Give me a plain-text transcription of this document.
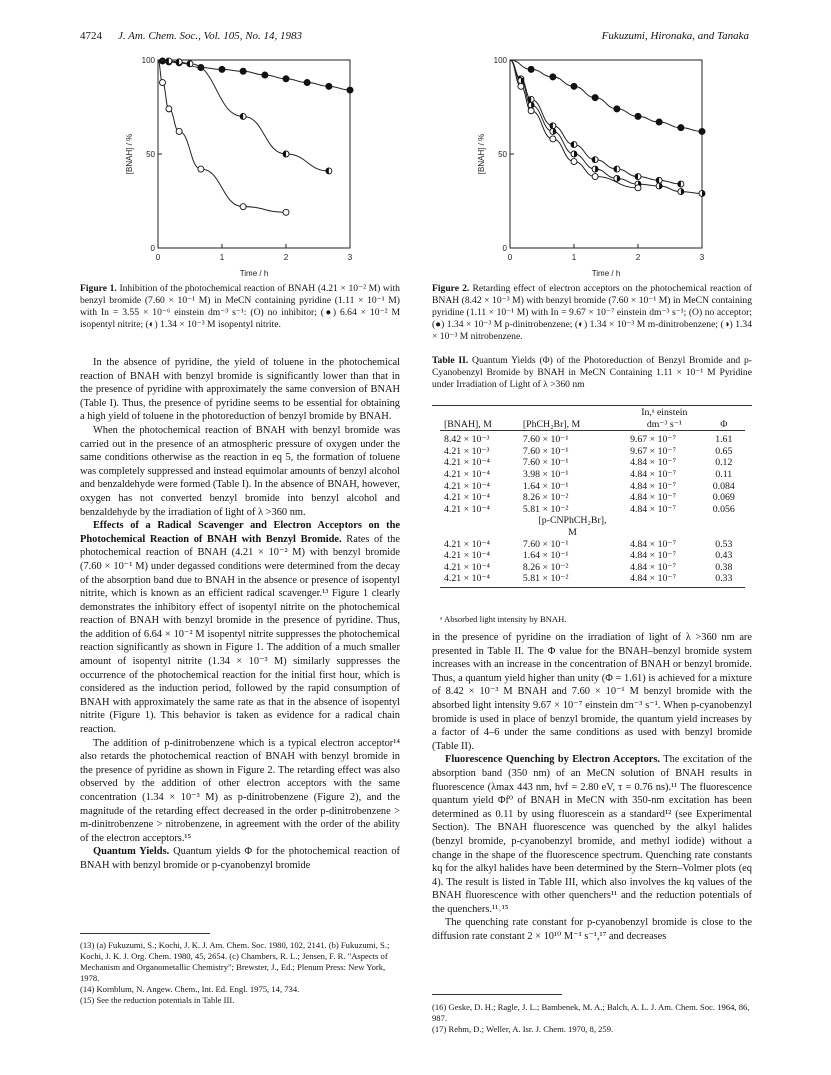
4724 J. Am. Chem. Soc., Vol. 105, No. 14, 1983	Fukuzumi, Hironaka, and Tanaka
0	1	2	3
0
50
100
Time / h
[BNAH] / %
Figure 1. Inhibition of the photochemical reaction of BNAH (4.21 × 10⁻² M) with benzyl bromide (7.60 × 10⁻¹ M) in MeCN containing pyridine (1.11 × 10⁻¹ M) with In = 3.55 × 10⁻⁶ einstein dm⁻³ s⁻¹: (O) no inhibitor; (●) 6.64 × 10⁻² M isopentyl nitrite; (◐) 1.34 × 10⁻³ M isopentyl nitrite.
0	1	2	3
0
50
100
Time / h
[BNAH] / %
Figure 2. Retarding effect of electron acceptors on the photochemical reaction of BNAH (8.42 × 10⁻³ M) with benzyl bromide (7.60 × 10⁻¹ M) in MeCN containing pyridine (1.11 × 10⁻¹ M) with In = 9.67 × 10⁻⁷ einstein dm⁻³ s⁻¹; (O) no acceptor; (●) 1.34 × 10⁻³ M p-dinitrobenzene; (◐) 1.34 × 10⁻³ M m-dinitrobenzene; (◑) 1.34 × 10⁻³ M nitrobenzene.

In the absence of pyridine, the yield of toluene in the photochemical reaction of BNAH with benzyl bromide is significantly lower than that in the presence of pyridine with approximately the same conversion of BNAH (Table I). Thus, the presence of pyridine seems to be essential for obtaining a high yield of toluene in the photoreduction of benzyl bromide by BNAH.

When the photochemical reaction of BNAH with benzyl bromide was carried out in the presence of an atmospheric pressure of oxygen under the same conditions otherwise as the reaction in eq 5, the formation of toluene was completely suppressed and instead equimolar amounts of benzyl alcohol and benzaldehyde were formed (Table I). In the absence of BNAH, however, oxygen has not converted benzyl bromide into benzyl alcohol and benzaldehyde by the irradiation of light of λ >360 nm.

Effects of a Radical Scavenger and Electron Acceptors on the Photochemical Reaction of BNAH with Benzyl Bromide. Rates of the photochemical reaction of BNAH (4.21 × 10⁻² M) with benzyl bromide (7.60 × 10⁻¹ M) under degassed conditions were determined from the decay of the absorption band due to BNAH in the absence or presence of isopentyl nitrite, which is known as an efficient radical scavenger.¹³ Figure 1 clearly demonstrates the inhibitory effect of isopentyl nitrite on the photochemical reaction of BNAH with benzyl bromide in the presence of pyridine. Thus, the addition of 6.64 × 10⁻² M isopentyl nitrite suppresses the photochemical reaction significantly as shown in Figure 1. The addition of a much smaller amount of isopentyl nitrite (1.34 × 10⁻³ M) similarly suppresses the occurrence of the photochemical reaction for the initial first hour, which is considered as the induction period, followed by the rapid consumption of BNAH with approximately the same rate as that in the absence of isopentyl nitrite (Figure 1). This behavior is taken as evidence for a radical chain reaction.

The addition of p-dinitrobenzene which is a typical electron acceptor¹⁴ also retards the photochemical reaction of BNAH with benzyl bromide in the presence of pyridine as shown in Figure 2. The retarding effect was also observed by the addition of other electron acceptors with the same concentration (1.34 × 10⁻³ M) as p-dinitrobenzene (Figure 2), and the magnitude of the retarding effect decreased in the order p-dinitrobenzene > m-dinitrobenzene > nitrobenzene, in agreement with the order of the ability of the electron acceptors.¹⁵

Quantum Yields. Quantum yields Φ for the photochemical reaction of BNAH with benzyl bromide or p-cyanobenzyl bromide

(13) (a) Fukuzumi, S.; Kochi, J. K. J. Am. Chem. Soc. 1980, 102, 2141. (b) Fukuzumi, S.; Kochi, J. K. J. Org. Chem. 1980, 45, 2654. (c) Chambers, R. L.; Jensen, F. R. "Aspects of Mechanism and Organometallic Chemistry"; Brewster, J., Ed.; Plenum Press: New York, 1978.
(14) Kornblum, N. Angew. Chem., Int. Ed. Engl. 1975, 14, 734.
(15) See the reduction potentials in Table III.
Table II. Quantum Yields (Φ) of the Photoreduction of Benzyl Bromide and p-Cyanobenzyl Bromide by BNAH in MeCN Containing 1.11 × 10⁻¹ M Pyridine under Irradiation of Light of λ >360 nm
		In,ᵃ einstein	
[BNAH], M	[PhCH₂Br], M	dm⁻³ s⁻¹	Φ

8.42 × 10⁻³	7.60 × 10⁻¹	9.67 × 10⁻⁷	1.61
4.21 × 10⁻³	7.60 × 10⁻¹	9.67 × 10⁻⁷	0.65
4.21 × 10⁻⁴	7.60 × 10⁻¹	4.84 × 10⁻⁷	0.12
4.21 × 10⁻⁴	3.98 × 10⁻¹	4.84 × 10⁻⁷	0.11
4.21 × 10⁻⁴	1.64 × 10⁻¹	4.84 × 10⁻⁷	0.084
4.21 × 10⁻⁴	8.26 × 10⁻²	4.84 × 10⁻⁷	0.069
4.21 × 10⁻⁴	5.81 × 10⁻²	4.84 × 10⁻⁷	0.056
	[p-CNPhCH₂Br],		
	M		
4.21 × 10⁻⁴	7.60 × 10⁻¹	4.84 × 10⁻⁷	0.53
4.21 × 10⁻⁴	1.64 × 10⁻¹	4.84 × 10⁻⁷	0.43
4.21 × 10⁻⁴	8.26 × 10⁻²	4.84 × 10⁻⁷	0.38
4.21 × 10⁻⁴	5.81 × 10⁻²	4.84 × 10⁻⁷	0.33

ᵃ Absorbed light intensity by BNAH.

in the presence of pyridine on the irradiation of light of λ >360 nm are presented in Table II. The Φ value for the BNAH–benzyl bromide system increases with an increase in the concentration of BNAH or benzyl bromide. Thus, a quantum yield higher than unity (Φ = 1.61) is achieved for a mixture of 8.42 × 10⁻³ M BNAH and 7.60 × 10⁻¹ M benzyl bromide with the absorbed light intensity 9.67 × 10⁻⁷ einstein dm⁻³ s⁻¹. When p-cyanobenzyl bromide is used in place of benzyl bromide, the quantum yield increases by a factor of 4–6 under the same conditions as used with benzyl bromide (Table II).

Fluorescence Quenching by Electron Acceptors. The excitation of the absorption band (350 nm) of an MeCN solution of BNAH results in fluorescence (λmax 443 nm, hνf = 2.80 eV, τ = 0.76 ns).¹¹ The fluorescence quantum yield Φf⁰ of BNAH in MeCN with 350-nm excitation has been determined as 0.11 by using fluorescein as a standard¹² (see Experimental Section). The BNAH fluorescence was quenched by the alkyl halides (benzyl bromide, p-cyanobenzyl bromide, and methyl iodide) without a change in the shape of the fluorescence spectrum. Quenching rate constants kq for the alkyl halides have been determined by the Stern–Volmer plots (eq 4). The result is listed in Table III, which also involves the kq values of the BNAH fluorescence with other quenchers¹¹ and the reduction potentials of the quenchers.¹¹˒¹⁵

The quenching rate constant for p-cyanobenzyl bromide is close to the diffusion rate constant 2 × 10¹⁰ M⁻¹ s⁻¹,¹⁷ and decreases

(16) Geske, D. H.; Ragle, J. L.; Bambenek, M. A.; Balch, A. L. J. Am. Chem. Soc. 1964, 86, 987.
(17) Rehm, D.; Weller, A. Isr. J. Chem. 1970, 8, 259.
